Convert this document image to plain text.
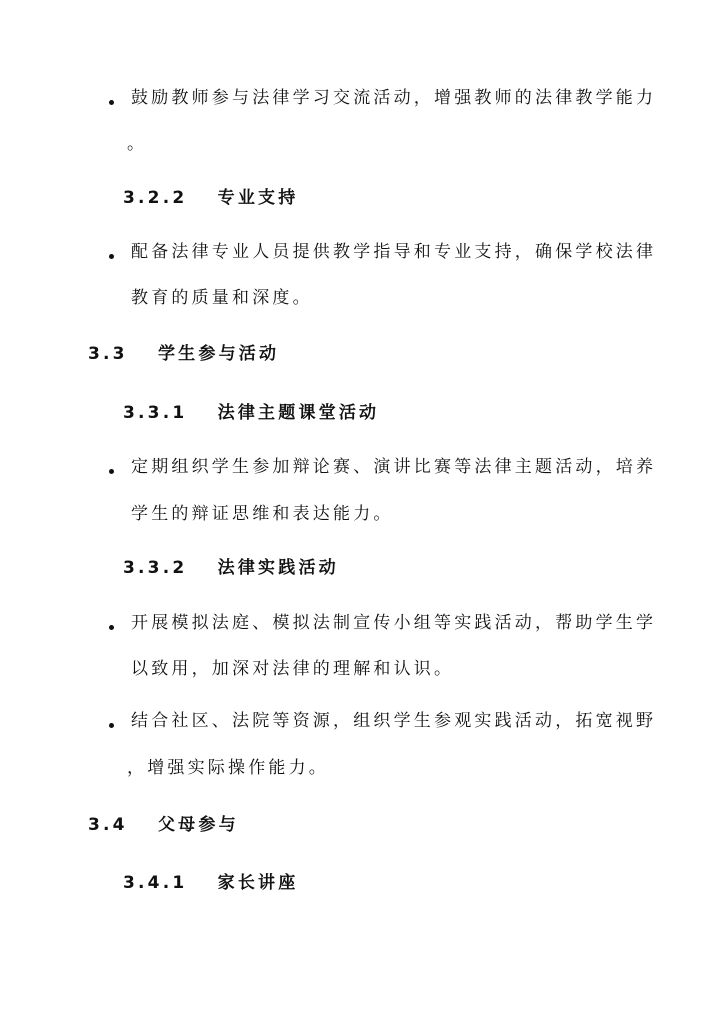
鼓励教师参与法律学习交流活动，增强教师的法律教学能力
。
3.2.2 专业支持
配备法律专业人员提供教学指导和专业支持，确保学校法律
教育的质量和深度。
3.3 学生参与活动
3.3.1 法律主题课堂活动
定期组织学生参加辩论赛、演讲比赛等法律主题活动，培养
学生的辩证思维和表达能力。
3.3.2 法律实践活动
开展模拟法庭、模拟法制宣传小组等实践活动，帮助学生学
以致用，加深对法律的理解和认识。
结合社区、法院等资源，组织学生参观实践活动，拓宽视野
，增强实际操作能力。
3.4 父母参与
3.4.1 家长讲座
